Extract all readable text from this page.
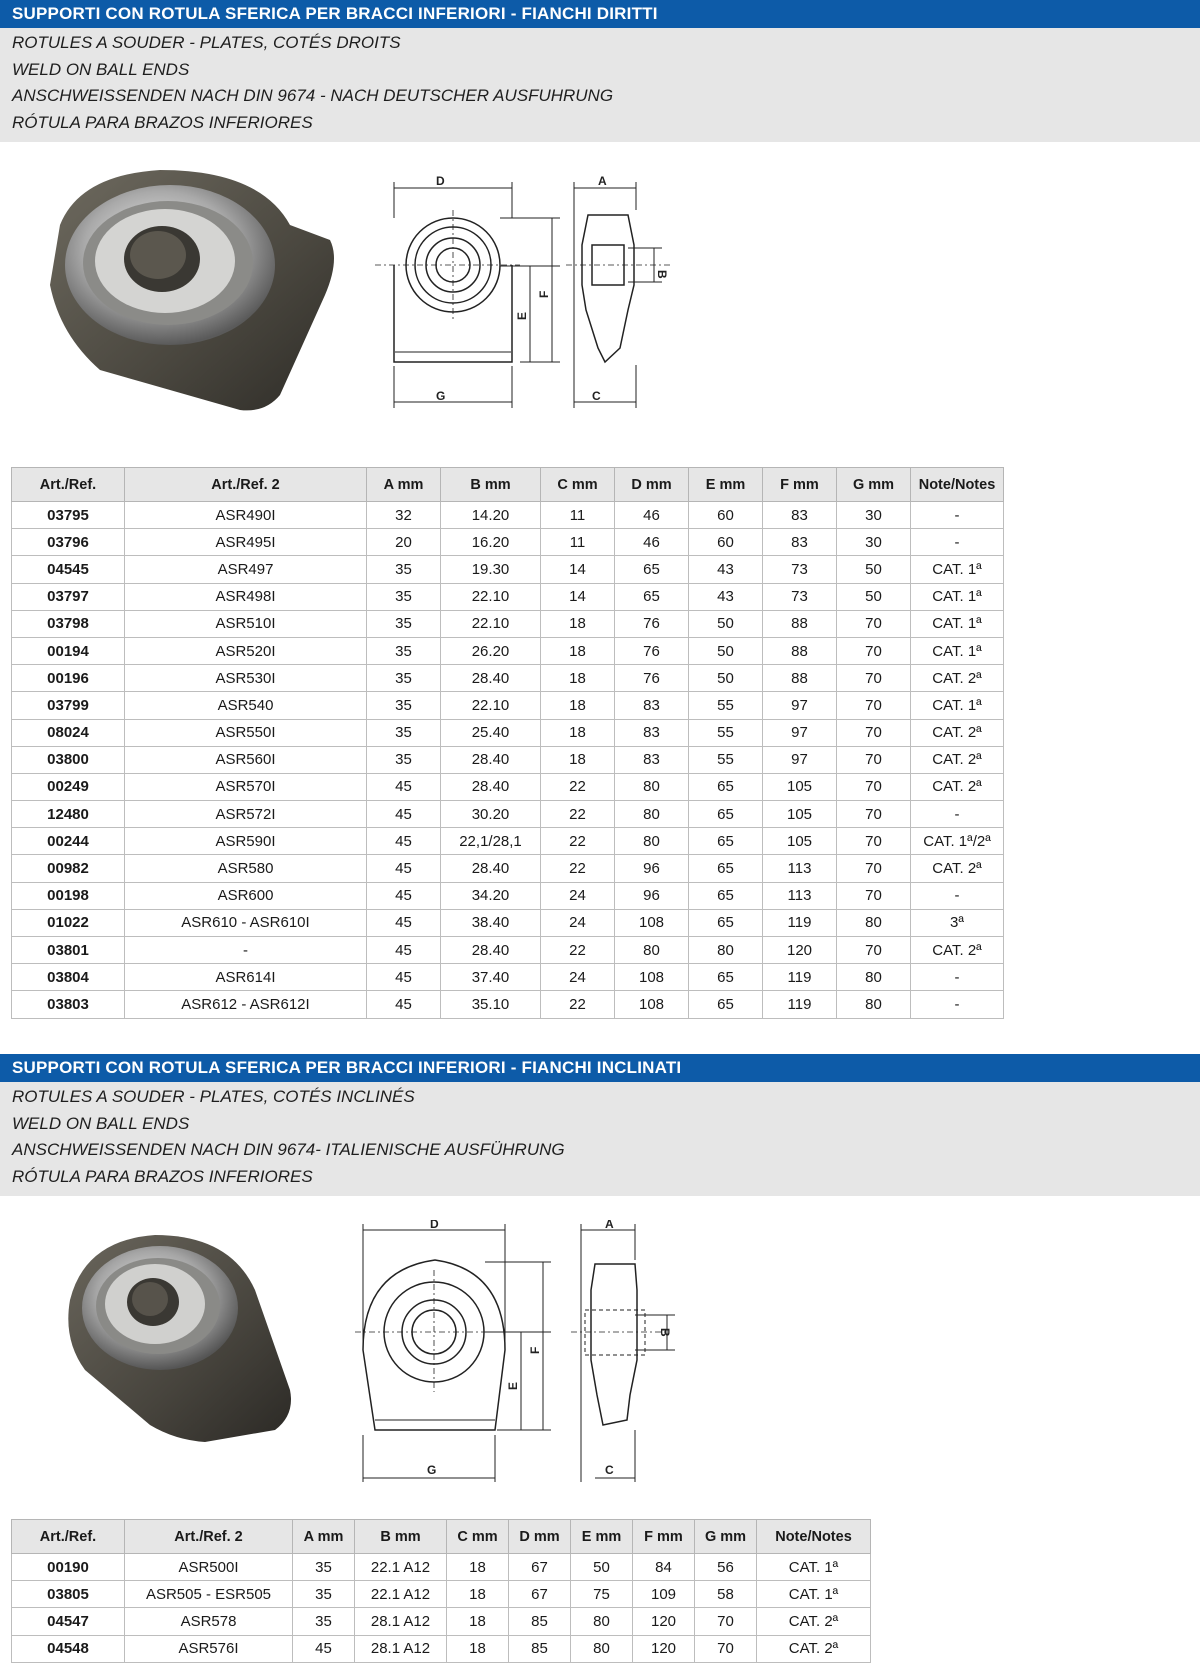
SUPPORTI CON ROTULA SFERICA PER BRACCI INFERIORI - FIANCHI DIRITTI
ROTULES A SOUDER - PLATES, COTÉS DROITS
WELD ON BALL ENDS
ANSCHWEISSENDEN NACH DIN 9674 - NACH DEUTSCHER AUSFUHRUNG
RÓTULA PARA BRAZOS INFERIORES
D	A
B
F
E
G	C
Art./Ref.	Art./Ref. 2	A mm	B mm	C mm	D mm	E mm	F mm	G mm	Note/Notes
03795	ASR490I	32	14.20	11	46	60	83	30	-
03796	ASR495I	20	16.20	11	46	60	83	30	-
04545	ASR497	35	19.30	14	65	43	73	50	CAT. 1ª
03797	ASR498I	35	22.10	14	65	43	73	50	CAT. 1ª
03798	ASR510I	35	22.10	18	76	50	88	70	CAT. 1ª
00194	ASR520I	35	26.20	18	76	50	88	70	CAT. 1ª
00196	ASR530I	35	28.40	18	76	50	88	70	CAT. 2ª
03799	ASR540	35	22.10	18	83	55	97	70	CAT. 1ª
08024	ASR550I	35	25.40	18	83	55	97	70	CAT. 2ª
03800	ASR560I	35	28.40	18	83	55	97	70	CAT. 2ª
00249	ASR570I	45	28.40	22	80	65	105	70	CAT. 2ª
12480	ASR572I	45	30.20	22	80	65	105	70	-
00244	ASR590I	45	22,1/28,1	22	80	65	105	70	CAT. 1ª/2ª
00982	ASR580	45	28.40	22	96	65	113	70	CAT. 2ª
00198	ASR600	45	34.20	24	96	65	113	70	-
01022	ASR610 - ASR610I	45	38.40	24	108	65	119	80	3ª
03801	-	45	28.40	22	80	80	120	70	CAT. 2ª
03804	ASR614I	45	37.40	24	108	65	119	80	-
03803	ASR612 - ASR612I	45	35.10	22	108	65	119	80	-
SUPPORTI CON ROTULA SFERICA PER BRACCI INFERIORI - FIANCHI INCLINATI
ROTULES A SOUDER - PLATES, COTÉS INCLINÉS
WELD ON BALL ENDS
ANSCHWEISSENDEN NACH DIN 9674- ITALIENISCHE AUSFÜHRUNG
RÓTULA PARA BRAZOS INFERIORES
D	A
B
F
E
G	C
Art./Ref.	Art./Ref. 2	A mm	B mm	C mm	D mm	E mm	F mm	G mm	Note/Notes
00190	ASR500I	35	22.1 A12	18	67	50	84	56	CAT. 1ª
03805	ASR505 - ESR505	35	22.1 A12	18	67	75	109	58	CAT. 1ª
04547	ASR578	35	28.1 A12	18	85	80	120	70	CAT. 2ª
04548	ASR576I	45	28.1 A12	18	85	80	120	70	CAT. 2ª
